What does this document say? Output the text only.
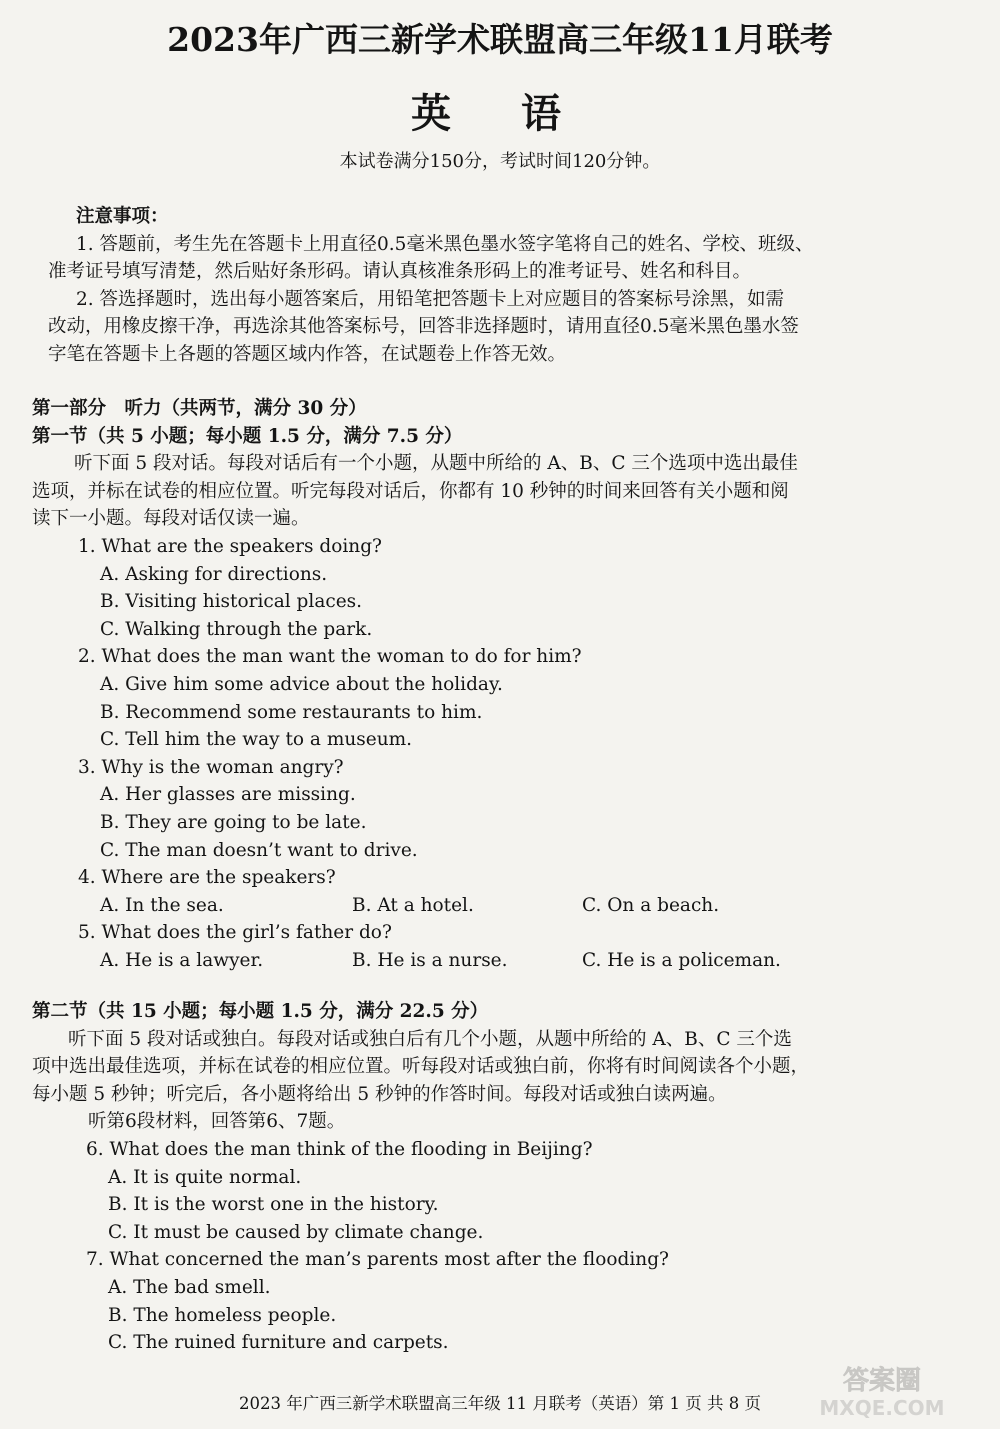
2023年广西三新学术联盟高三年级11月联考
英 语
本试卷满分150分，考试时间120分钟。
注意事项：
1. 答题前，考生先在答题卡上用直径0.5毫米黑色墨水签字笔将自己的姓名、学校、班级、
准考证号填写清楚，然后贴好条形码。请认真核准条形码上的准考证号、姓名和科目。
2. 答选择题时，选出每小题答案后，用铅笔把答题卡上对应题目的答案标号涂黑，如需
改动，用橡皮擦干净，再选涂其他答案标号，回答非选择题时，请用直径0.5毫米黑色墨水签
字笔在答题卡上各题的答题区域内作答，在试题卷上作答无效。
第一部分　听力（共两节，满分 30 分）
第一节（共 5 小题；每小题 1.5 分，满分 7.5 分）
听下面 5 段对话。每段对话后有一个小题，从题中所给的 A、B、C 三个选项中选出最佳
选项，并标在试卷的相应位置。听完每段对话后，你都有 10 秒钟的时间来回答有关小题和阅
读下一小题。每段对话仅读一遍。
1. What are the speakers doing?
A. Asking for directions.
B. Visiting historical places.
C. Walking through the park.
2. What does the man want the woman to do for him?
A. Give him some advice about the holiday.
B. Recommend some restaurants to him.
C. Tell him the way to a museum.
3. Why is the woman angry?
A. Her glasses are missing.
B. They are going to be late.
C. The man doesn’t want to drive.
4. Where are the speakers?
A. In the sea.	B. At a hotel.	C. On a beach.
5. What does the girl’s father do?
A. He is a lawyer.	B. He is a nurse.	C. He is a policeman.
第二节（共 15 小题；每小题 1.5 分，满分 22.5 分）
听下面 5 段对话或独白。每段对话或独白后有几个小题，从题中所给的 A、B、C 三个选
项中选出最佳选项，并标在试卷的相应位置。听每段对话或独白前，你将有时间阅读各个小题，
每小题 5 秒钟；听完后，各小题将给出 5 秒钟的作答时间。每段对话或独白读两遍。
听第6段材料，回答第6、7题。
6. What does the man think of the flooding in Beijing?
A. It is quite normal.
B. It is the worst one in the history.
C. It must be caused by climate change.
7. What concerned the man’s parents most after the flooding?
A. The bad smell.
B. The homeless people.
C. The ruined furniture and carpets.
2023 年广西三新学术联盟高三年级 11 月联考（英语）第 1 页 共 8 页
答案圈
MXQE.COM
